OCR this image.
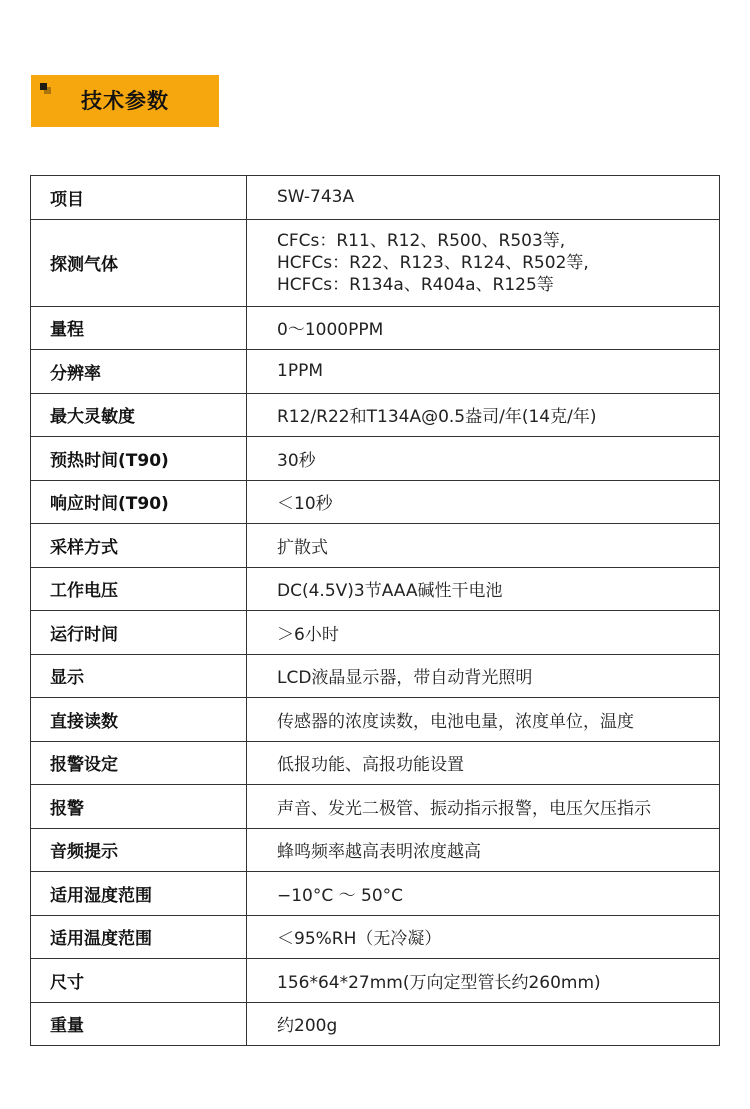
技术参数
项目	SW-743A
探测气体	CFCs：R11、R12、R500、R503等,
HCFCs：R22、R123、R124、R502等,
HCFCs：R134a、R404a、R125等

量程	0～1000PPM
分辨率	1PPM
最大灵敏度	R12/R22和T134A@0.5盎司/年(14克/年)
预热时间(T90)	30秒
响应时间(T90)	＜10秒
采样方式	扩散式
工作电压	DC(4.5V)3节AAA碱性干电池
运行时间	＞6小时
显示	LCD液晶显示器，带自动背光照明
直接读数	传感器的浓度读数，电池电量，浓度单位，温度
报警设定	低报功能、高报功能设置
报警	声音、发光二极管、振动指示报警，电压欠压指示
音频提示	蜂鸣频率越高表明浓度越高
适用湿度范围	−10°C ～ 50°C
适用温度范围	＜95%RH（无冷凝）
尺寸	156*64*27mm(万向定型管长约260mm)
重量	约200g
